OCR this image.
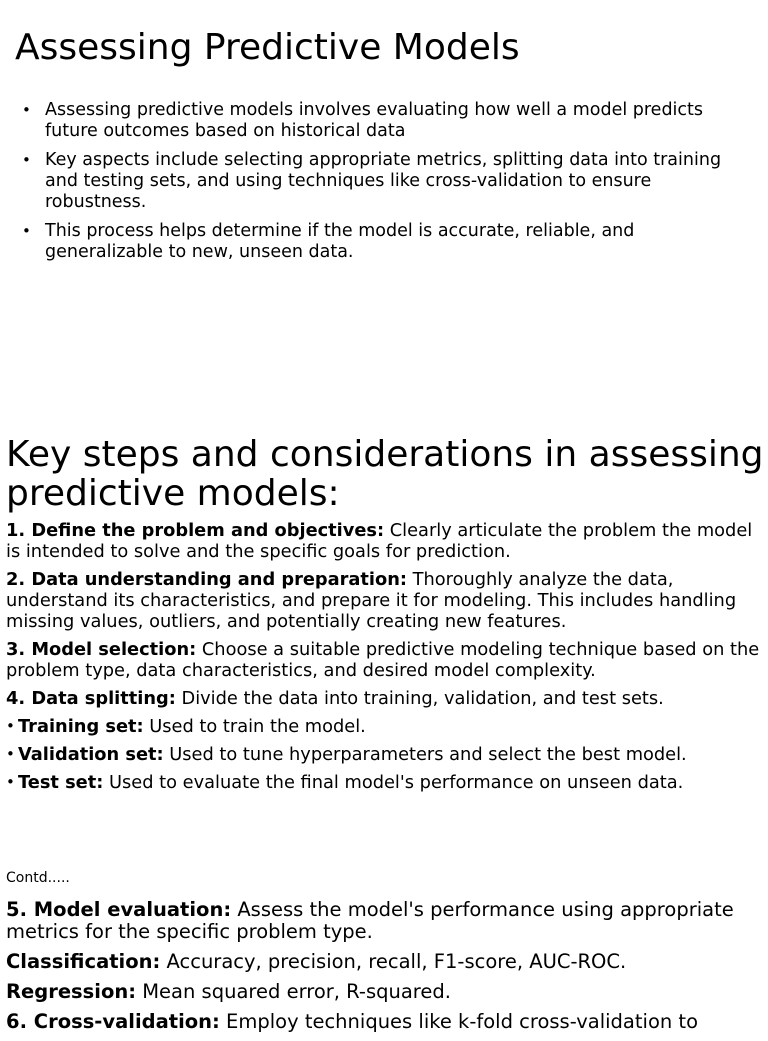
Assessing Predictive Models
• Assessing predictive models involves evaluating how well a model predicts future outcomes based on historical data
• Key aspects include selecting appropriate metrics, splitting data into training and testing sets, and using techniques like cross-validation to ensure robustness.
• This process helps determine if the model is accurate, reliable, and generalizable to new, unseen data.
Key steps and considerations in assessing predictive models:
1. Define the problem and objectives: Clearly articulate the problem the model is intended to solve and the specific goals for prediction.
2. Data understanding and preparation: Thoroughly analyze the data, understand its characteristics, and prepare it for modeling. This includes handling missing values, outliers, and potentially creating new features.
3. Model selection: Choose a suitable predictive modeling technique based on the problem type, data characteristics, and desired model complexity.
4. Data splitting: Divide the data into training, validation, and test sets.
• Training set: Used to train the model.
• Validation set: Used to tune hyperparameters and select the best model.
• Test set: Used to evaluate the final model's performance on unseen data.
Contd.....
5. Model evaluation: Assess the model's performance using appropriate metrics for the specific problem type.
Classification: Accuracy, precision, recall, F1-score, AUC-ROC.
Regression: Mean squared error, R-squared.
6. Cross-validation: Employ techniques like k-fold cross-validation to
